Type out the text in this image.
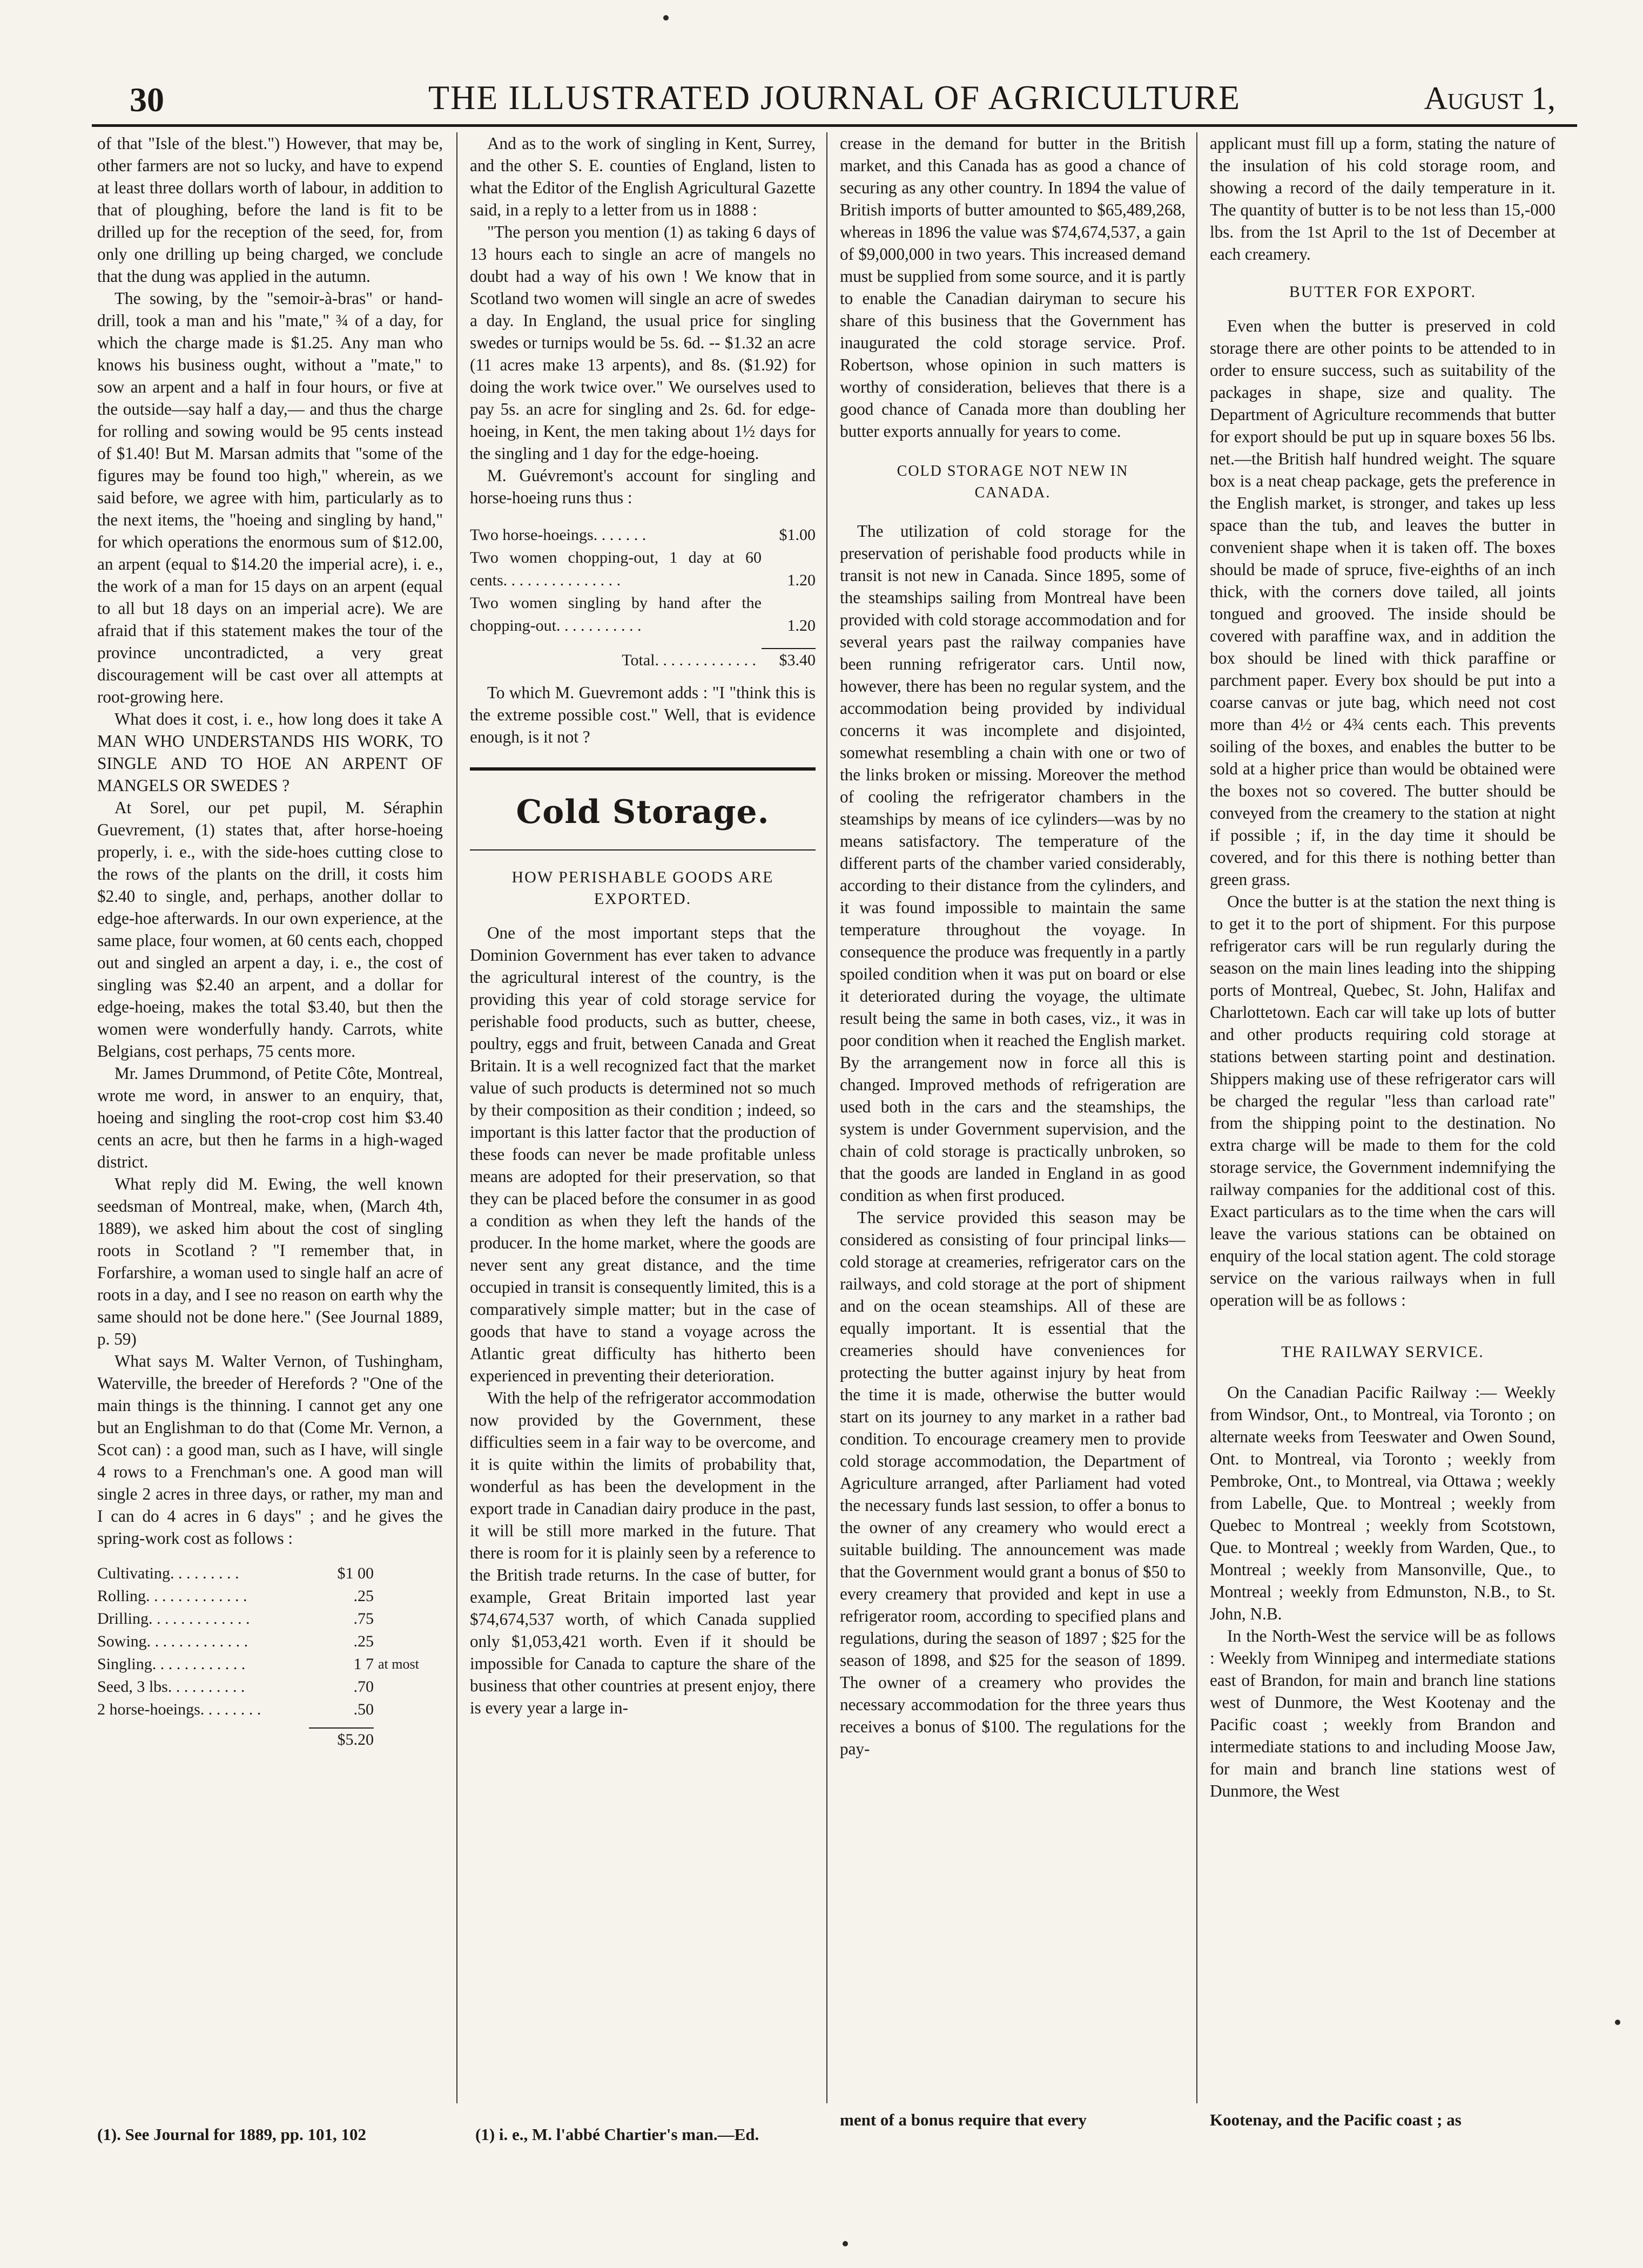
30	THE ILLUSTRATED JOURNAL OF AGRICULTURE	August 1,

of that "Isle of the blest.") However, that may be, other farmers are not so lucky, and have to expend at least three dollars worth of labour, in addition to that of ploughing, before the land is fit to be drilled up for the reception of the seed, for, from only one drilling up being charged, we conclude that the dung was applied in the autumn.

The sowing, by the "semoir-à-bras" or hand-drill, took a man and his "mate," ¾ of a day, for which the charge made is $1.25. Any man who knows his business ought, without a "mate," to sow an arpent and a half in four hours, or five at the outside—say half a day,— and thus the charge for rolling and sowing would be 95 cents instead of $1.40! But M. Marsan admits that "some of the figures may be found too high," wherein, as we said before, we agree with him, particularly as to the next items, the "hoeing and singling by hand," for which operations the enormous sum of $12.00, an arpent (equal to $14.20 the imperial acre), i. e., the work of a man for 15 days on an arpent (equal to all but 18 days on an imperial acre). We are afraid that if this statement makes the tour of the province uncontradicted, a very great discouragement will be cast over all attempts at root-growing here.

What does it cost, i. e., how long does it take A MAN WHO UNDERSTANDS HIS WORK, TO SINGLE AND TO HOE AN ARPENT OF MANGELS OR SWEDES ?

At Sorel, our pet pupil, M. Séraphin Guevrement, (1) states that, after horse-hoeing properly, i. e., with the side-hoes cutting close to the rows of the plants on the drill, it costs him $2.40 to single, and, perhaps, another dollar to edge-hoe afterwards. In our own experience, at the same place, four women, at 60 cents each, chopped out and singled an arpent a day, i. e., the cost of singling was $2.40 an arpent, and a dollar for edge-hoeing, makes the total $3.40, but then the women were wonderfully handy. Carrots, white Belgians, cost perhaps, 75 cents more.

Mr. James Drummond, of Petite Côte, Montreal, wrote me word, in answer to an enquiry, that, hoeing and singling the root-crop cost him $3.40 cents an acre, but then he farms in a high-waged district.

What reply did M. Ewing, the well known seedsman of Montreal, make, when, (March 4th, 1889), we asked him about the cost of singling roots in Scotland ? "I remember that, in Forfarshire, a woman used to single half an acre of roots in a day, and I see no reason on earth why the same should not be done here." (See Journal 1889, p. 59)

What says M. Walter Vernon, of Tushingham, Waterville, the breeder of Herefords ? "One of the main things is the thinning. I cannot get any one but an Englishman to do that (Come Mr. Vernon, a Scot can) : a good man, such as I have, will single 4 rows to a Frenchman's one. A good man will single 2 acres in three days, or rather, my man and I can do 4 acres in 6 days" ; and he gives the spring-work cost as follows :

Cultivating. . . . . . . . .	$1 00	
Rolling. . . . . . . . . . . . .	.25	
Drilling. . . . . . . . . . . . .	.75	
Sowing. . . . . . . . . . . . .	.25	
Singling. . . . . . . . . . . .	1 7	at most
Seed, 3 lbs. . . . . . . . . .	.70	
2 horse-hoeings. . . . . . . .	.50	

$5.20	

And as to the work of singling in Kent, Surrey, and the other S. E. counties of England, listen to what the Editor of the English Agricultural Gazette said, in a reply to a letter from us in 1888 :

"The person you mention (1) as taking 6 days of 13 hours each to single an acre of mangels no doubt had a way of his own ! We know that in Scotland two women will single an acre of swedes a day. In England, the usual price for singling swedes or turnips would be 5s. 6d. -- $1.32 an acre (11 acres make 13 arpents), and 8s. ($1.92) for doing the work twice over." We ourselves used to pay 5s. an acre for singling and 2s. 6d. for edge-hoeing, in Kent, the men taking about 1½ days for the singling and 1 day for the edge-hoeing.

M. Guévremont's account for singling and horse-hoeing runs thus :

Two horse-hoeings. . . . . . .	$1.00
Two women chopping-out, 1 day at 60 cents. . . . . . . . . . . . . . .	1.20
Two women singling by hand after the chopping-out. . . . . . . . . . .	1.20
Total. . . . . . . . . . . . .	$3.40

To which M. Guevremont adds : "I "think this is the extreme possible cost." Well, that is evidence enough, is it not ?

Cold Storage.
HOW PERISHABLE GOODS ARE EXPORTED.

One of the most important steps that the Dominion Government has ever taken to advance the agricultural interest of the country, is the providing this year of cold storage service for perishable food products, such as butter, cheese, poultry, eggs and fruit, between Canada and Great Britain. It is a well recognized fact that the market value of such products is determined not so much by their composition as their condition ; indeed, so important is this latter factor that the production of these foods can never be made profitable unless means are adopted for their preservation, so that they can be placed before the consumer in as good a condition as when they left the hands of the producer. In the home market, where the goods are never sent any great distance, and the time occupied in transit is consequently limited, this is a comparatively simple matter; but in the case of goods that have to stand a voyage across the Atlantic great difficulty has hitherto been experienced in preventing their deterioration.

With the help of the refrigerator accommodation now provided by the Government, these difficulties seem in a fair way to be overcome, and it is quite within the limits of probability that, wonderful as has been the development in the export trade in Canadian dairy produce in the past, it will be still more marked in the future. That there is room for it is plainly seen by a reference to the British trade returns. In the case of butter, for example, Great Britain imported last year $74,674,537 worth, of which Canada supplied only $1,053,421 worth. Even if it should be impossible for Canada to capture the share of the business that other countries at present enjoy, there is every year a large in-

crease in the demand for butter in the British market, and this Canada has as good a chance of securing as any other country. In 1894 the value of British imports of butter amounted to $65,489,268, whereas in 1896 the value was $74,674,537, a gain of $9,000,000 in two years. This increased demand must be supplied from some source, and it is partly to enable the Canadian dairyman to secure his share of this business that the Government has inaugurated the cold storage service. Prof. Robertson, whose opinion in such matters is worthy of consideration, believes that there is a good chance of Canada more than doubling her butter exports annually for years to come.

COLD STORAGE NOT NEW IN CANADA.

The utilization of cold storage for the preservation of perishable food products while in transit is not new in Canada. Since 1895, some of the steamships sailing from Montreal have been provided with cold storage accommodation and for several years past the railway companies have been running refrigerator cars. Until now, however, there has been no regular system, and the accommodation being provided by individual concerns it was incomplete and disjointed, somewhat resembling a chain with one or two of the links broken or missing. Moreover the method of cooling the refrigerator chambers in the steamships by means of ice cylinders—was by no means satisfactory. The temperature of the different parts of the chamber varied considerably, according to their distance from the cylinders, and it was found impossible to maintain the same temperature throughout the voyage. In consequence the produce was frequently in a partly spoiled condition when it was put on board or else it deteriorated during the voyage, the ultimate result being the same in both cases, viz., it was in poor condition when it reached the English market. By the arrangement now in force all this is changed. Improved methods of refrigeration are used both in the cars and the steamships, the system is under Government supervision, and the chain of cold storage is practically unbroken, so that the goods are landed in England in as good condition as when first produced.

The service provided this season may be considered as consisting of four principal links—cold storage at creameries, refrigerator cars on the railways, and cold storage at the port of shipment and on the ocean steamships. All of these are equally important. It is essential that the creameries should have conveniences for protecting the butter against injury by heat from the time it is made, otherwise the butter would start on its journey to any market in a rather bad condition. To encourage creamery men to provide cold storage accommodation, the Department of Agriculture arranged, after Parliament had voted the necessary funds last session, to offer a bonus to the owner of any creamery who would erect a suitable building. The announcement was made that the Government would grant a bonus of $50 to every creamery that provided and kept in use a refrigerator room, according to specified plans and regulations, during the season of 1897 ; $25 for the season of 1898, and $25 for the season of 1899. The owner of a creamery who provides the necessary accommodation for the three years thus receives a bonus of $100. The regulations for the pay-

applicant must fill up a form, stating the nature of the insulation of his cold storage room, and showing a record of the daily temperature in it. The quantity of butter is to be not less than 15,-000 lbs. from the 1st April to the 1st of December at each creamery.

BUTTER FOR EXPORT.

Even when the butter is preserved in cold storage there are other points to be attended to in order to ensure success, such as suitability of the packages in shape, size and quality. The Department of Agriculture recommends that butter for export should be put up in square boxes 56 lbs. net.—the British half hundred weight. The square box is a neat cheap package, gets the preference in the English market, is stronger, and takes up less space than the tub, and leaves the butter in convenient shape when it is taken off. The boxes should be made of spruce, five-eighths of an inch thick, with the corners dove tailed, all joints tongued and grooved. The inside should be covered with paraffine wax, and in addition the box should be lined with thick paraffine or parchment paper. Every box should be put into a coarse canvas or jute bag, which need not cost more than 4½ or 4¾ cents each. This prevents soiling of the boxes, and enables the butter to be sold at a higher price than would be obtained were the boxes not so covered. The butter should be conveyed from the creamery to the station at night if possible ; if, in the day time it should be covered, and for this there is nothing better than green grass.

Once the butter is at the station the next thing is to get it to the port of shipment. For this purpose refrigerator cars will be run regularly during the season on the main lines leading into the shipping ports of Montreal, Quebec, St. John, Halifax and Charlottetown. Each car will take up lots of butter and other products requiring cold storage at stations between starting point and destination. Shippers making use of these refrigerator cars will be charged the regular "less than carload rate" from the shipping point to the destination. No extra charge will be made to them for the cold storage service, the Government indemnifying the railway companies for the additional cost of this. Exact particulars as to the time when the cars will leave the various stations can be obtained on enquiry of the local station agent. The cold storage service on the various railways when in full operation will be as follows :

THE RAILWAY SERVICE.

On the Canadian Pacific Railway :— Weekly from Windsor, Ont., to Montreal, via Toronto ; on alternate weeks from Teeswater and Owen Sound, Ont. to Montreal, via Toronto ; weekly from Pembroke, Ont., to Montreal, via Ottawa ; weekly from Labelle, Que. to Montreal ; weekly from Quebec to Montreal ; weekly from Scotstown, Que. to Montreal ; weekly from Warden, Que., to Montreal ; weekly from Mansonville, Que., to Montreal ; weekly from Edmunston, N.B., to St. John, N.B.

In the North-West the service will be as follows : Weekly from Winnipeg and intermediate stations east of Brandon, for main and branch line stations west of Dunmore, the West Kootenay and the Pacific coast ; weekly from Brandon and intermediate stations to and including Moose Jaw, for main and branch line stations west of Dunmore, the West

(1). See Journal for 1889, pp. 101, 102	(1) i. e., M. l'abbé Chartier's man.—Ed.
ment of a bonus require that every	Kootenay, and the Pacific coast ; as
